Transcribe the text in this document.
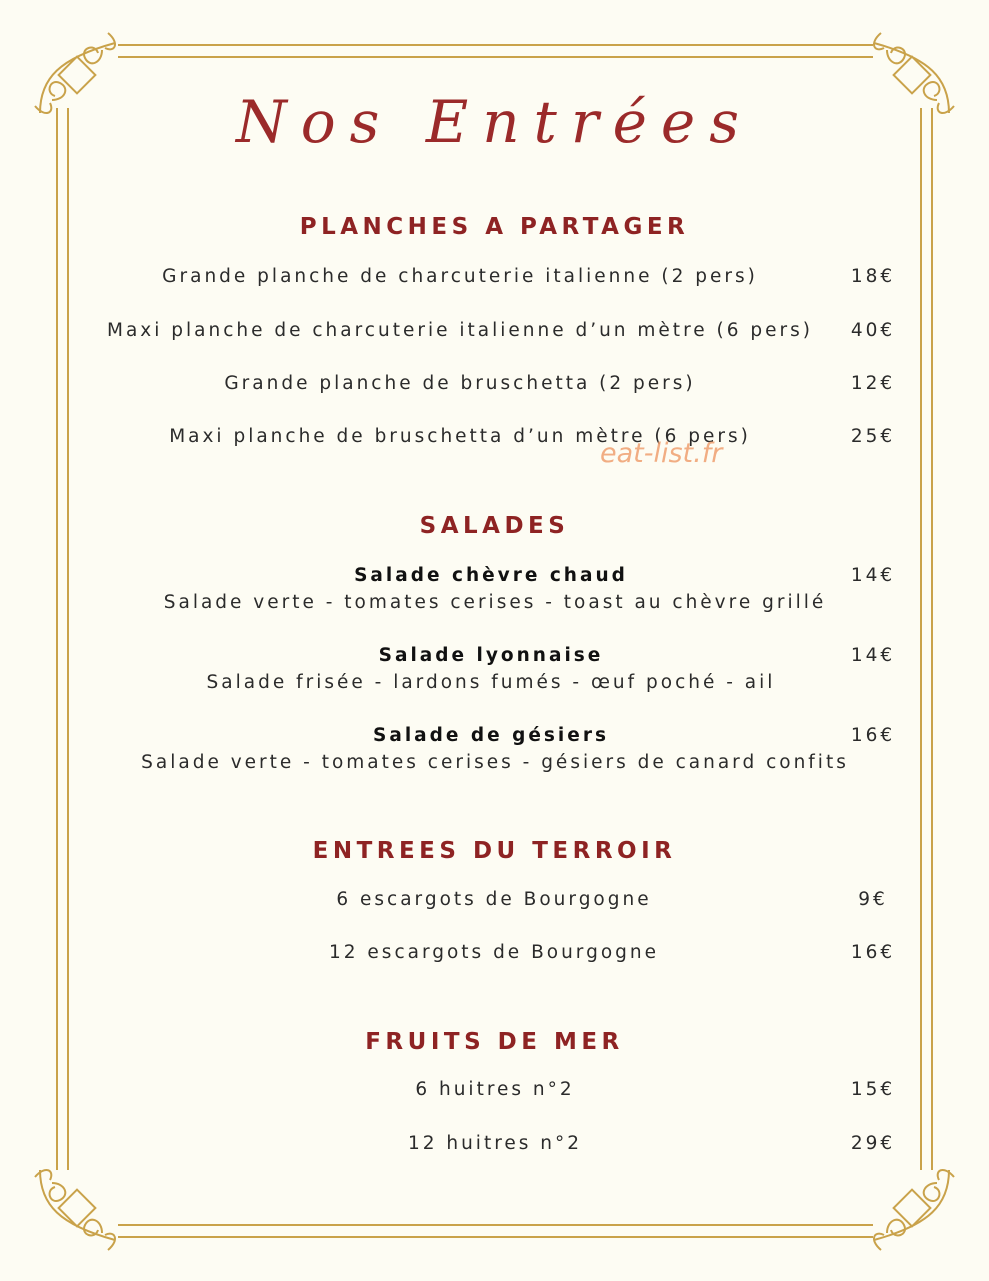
Nos Entrées
PLANCHES A PARTAGER
Grande planche de charcuterie italienne (2 pers)	18€
Maxi planche de charcuterie italienne d’un mètre (6 pers)	40€
Grande planche de bruschetta (2 pers)	12€
Maxi planche de bruschetta d’un mètre (6 pers)	25€
eat-list.fr
SALADES
Salade chèvre chaud	14€
Salade verte - tomates cerises - toast au chèvre grillé
Salade lyonnaise	14€
Salade frisée - lardons fumés - œuf poché - ail
Salade de gésiers	16€
Salade verte - tomates cerises - gésiers de canard confits
ENTREES DU TERROIR
6 escargots de Bourgogne	9€
12 escargots de Bourgogne	16€
FRUITS DE MER
6 huitres n°2	15€
12 huitres n°2	29€
